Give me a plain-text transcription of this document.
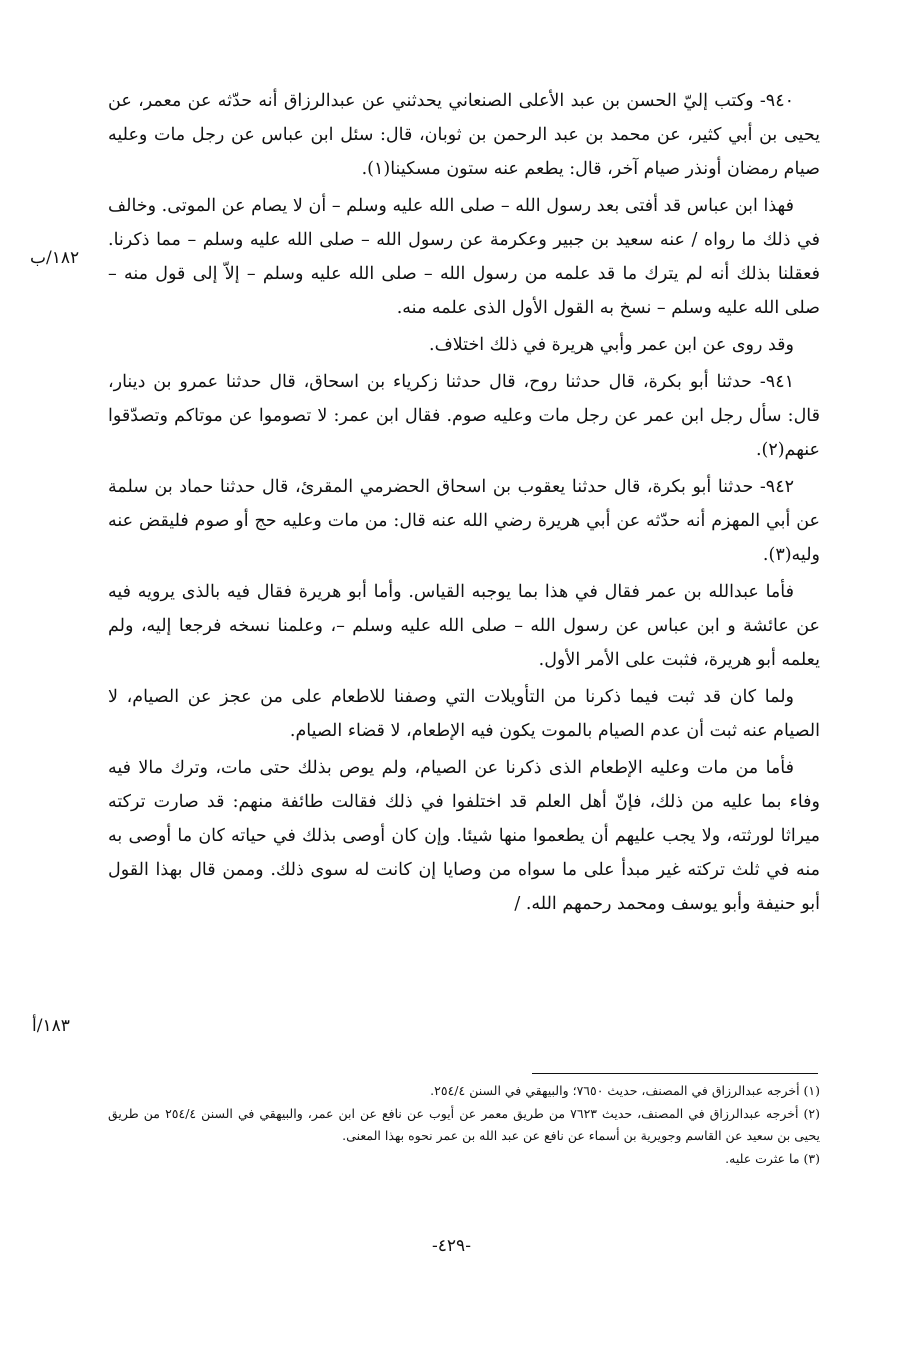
٩٤٠- وكتب إليّ الحسن بن عبد الأعلى الصنعاني يحدثني عن عبدالرزاق أنه حدّثه عن معمر، عن يحيى بن أبي كثير، عن محمد بن عبد الرحمن بن ثوبان، قال: سئل ابن عباس عن رجل مات وعليه صيام رمضان أونذر صيام آخر، قال: يطعم عنه ستون مسكينا(١).

فهذا ابن عباس قد أفتى بعد رسول الله – صلى الله عليه وسلم – أن لا يصام عن الموتى. وخالف في ذلك ما رواه / عنه سعيد بن جبير وعكرمة عن رسول الله – صلى الله عليه وسلم – مما ذكرنا. فعقلنا بذلك أنه لم يترك ما قد علمه من رسول الله – صلى الله عليه وسلم – إلاّ إلى قول منه – صلى الله عليه وسلم – نسخ به القول الأول الذى علمه منه.

وقد روى عن ابن عمر وأبي هريرة في ذلك اختلاف.

٩٤١- حدثنا أبو بكرة، قال حدثنا روح، قال حدثنا زكرياء بن اسحاق، قال حدثنا عمرو بن دينار، قال: سأل رجل ابن عمر عن رجل مات وعليه صوم. فقال ابن عمر: لا تصوموا عن موتاكم وتصدّقوا عنهم(٢).

٩٤٢- حدثنا أبو بكرة، قال حدثنا يعقوب بن اسحاق الحضرمي المقرئ، قال حدثنا حماد بن سلمة عن أبي المهزم أنه حدّثه عن أبي هريرة رضي الله عنه قال: من مات وعليه حج أو صوم فليقض عنه وليه(٣).

فأما عبدالله بن عمر فقال في هذا بما يوجبه القياس. وأما أبو هريرة فقال فيه بالذى يرويه فيه عن عائشة و ابن عباس عن رسول الله – صلى الله عليه وسلم –، وعلمنا نسخه فرجعا إليه، ولم يعلمه أبو هريرة، فثبت على الأمر الأول.

ولما كان قد ثبت فيما ذكرنا من التأويلات التي وصفنا للاطعام على من عجز عن الصيام، لا الصيام عنه ثبت أن عدم الصيام بالموت يكون فيه الإطعام، لا قضاء الصيام.

فأما من مات وعليه الإطعام الذى ذكرنا عن الصيام، ولم يوص بذلك حتى مات، وترك مالا فيه وفاء بما عليه من ذلك، فإنّ أهل العلم قد اختلفوا في ذلك فقالت طائفة منهم: قد صارت تركته ميراثا لورثته، ولا يجب عليهم أن يطعموا منها شيئا. وإن كان أوصى بذلك في حياته كان ما أوصى به منه في ثلث تركته غير مبدأ على ما سواه من وصايا إن كانت له سوى ذلك. وممن قال بهذا القول أبو حنيفة وأبو يوسف ومحمد رحمهم الله. /

١٨٢/ب
١٨٣/أ

(١) أخرجه عبدالرزاق في المصنف، حديث ٧٦٥٠؛ والبيهقي في السنن ٢٥٤/٤.

(٢) أخرجه عبدالرزاق في المصنف، حديث ٧٦٢٣ من طريق معمر عن أيوب عن نافع عن ابن عمر، والبيهقي في السنن ٢٥٤/٤ من طريق يحيى بن سعيد عن القاسم وجويرية بن أسماء عن نافع عن عبد الله بن عمر نحوه بهذا المعنى.

(٣) ما عثرت عليه.

-٤٢٩-
